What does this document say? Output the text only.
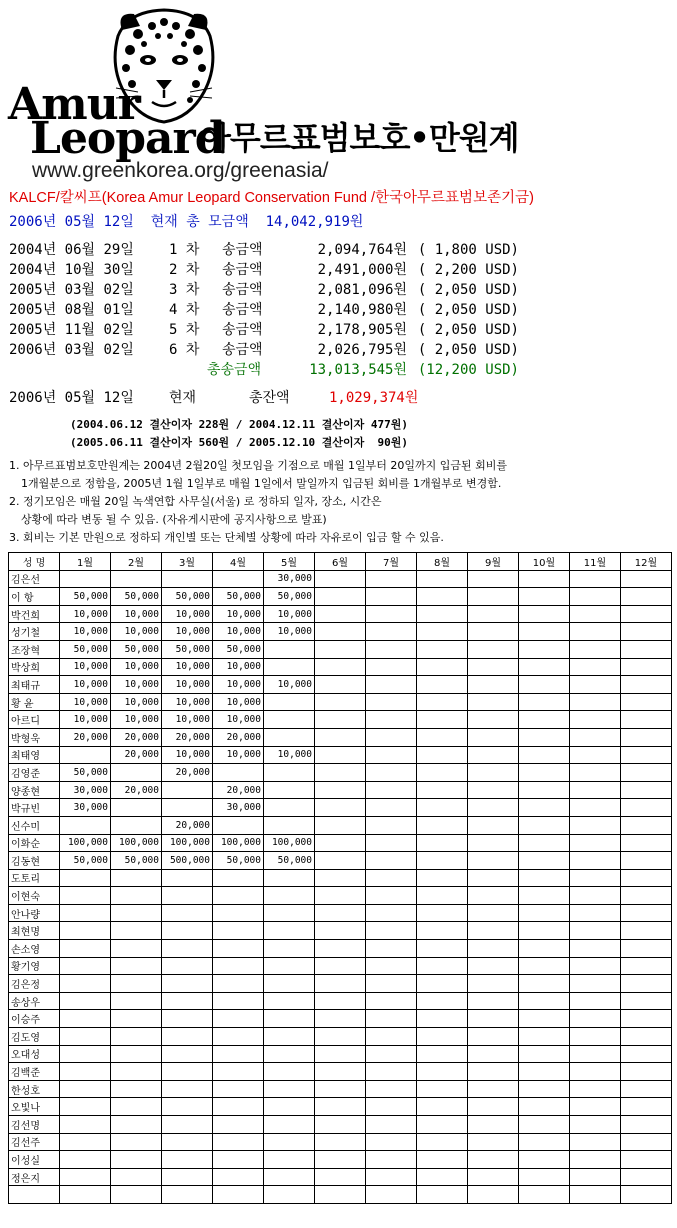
Amur
Leopard
아무르표범보호•만원계
www.greenkorea.org/greenasia/
KALCF/칼씨프(Korea Amur Leopard Conservation Fund /한국아무르표범보존기금)
2006년 05월 12일 현재 총 모금액 14,042,919원
2004년 06월 29일	1 차	송금액	2,094,764원 ( 1,800 USD)
2004년 10월 30일	2 차	송금액	2,491,000원 ( 2,200 USD)
2005년 03월 02일	3 차	송금액	2,081,096원 ( 2,050 USD)
2005년 08월 01일	4 차	송금액	2,140,980원 ( 2,050 USD)
2005년 11월 02일	5 차	송금액	2,178,905원 ( 2,050 USD)
2006년 03월 02일	6 차	송금액	2,026,795원 ( 2,050 USD)
총송금액	13,013,545원 (12,200 USD)
2006년 05월 12일	현재	총잔액	1,029,374원
(2004.06.12 결산이자 228원 / 2004.12.11 결산이자 477원)
(2005.06.11 결산이자 560원 / 2005.12.10 결산이자  90원)
1. 아무르표범보호만원계는 2004년 2월20일 첫모임을 기점으로 매월 1일부터 20일까지 입금된 회비를
1개월분으로 정함을, 2005년 1월 1일부로 매월 1일에서 말일까지 입금된 회비를 1개월부로 변경함.
2. 정기모임은 매월 20일 녹색연합 사무실(서울) 로 정하되 일자, 장소, 시간은
상황에 따라 변동 될 수 있음. (자유게시판에 공지사항으로 발표)
3. 회비는 기본 만원으로 정하되 개인별 또는 단체별 상황에 따라 자유로이 입금 할 수 있음.
성 명	1월	2월	3월	4월	5월	6월	7월	8월	9월	10월	11월	12월
김은선					30,000							
이 항	50,000	50,000	50,000	50,000	50,000							
박건희	10,000	10,000	10,000	10,000	10,000							
성기철	10,000	10,000	10,000	10,000	10,000							
조장혁	50,000	50,000	50,000	50,000								
박상희	10,000	10,000	10,000	10,000								
최태규	10,000	10,000	10,000	10,000	10,000							
황 윤	10,000	10,000	10,000	10,000								
아르디	10,000	10,000	10,000	10,000								
박형욱	20,000	20,000	20,000	20,000								
최태영		20,000	10,000	10,000	10,000							
김영준	50,000		20,000									
양종현	30,000	20,000		20,000								
박규빈	30,000			30,000								
신수미			20,000									
이화순	100,000	100,000	100,000	100,000	100,000							
김동현	50,000	50,000	500,000	50,000	50,000							
도토리												
이현숙												
안나량												
최현명												
손소영												
황기영												
김은정												
송상우												
이승주												
김도영												
오대성												
김백준												
한성호												
오빛나												
김선명												
김선주												
이성실												
정은지												
